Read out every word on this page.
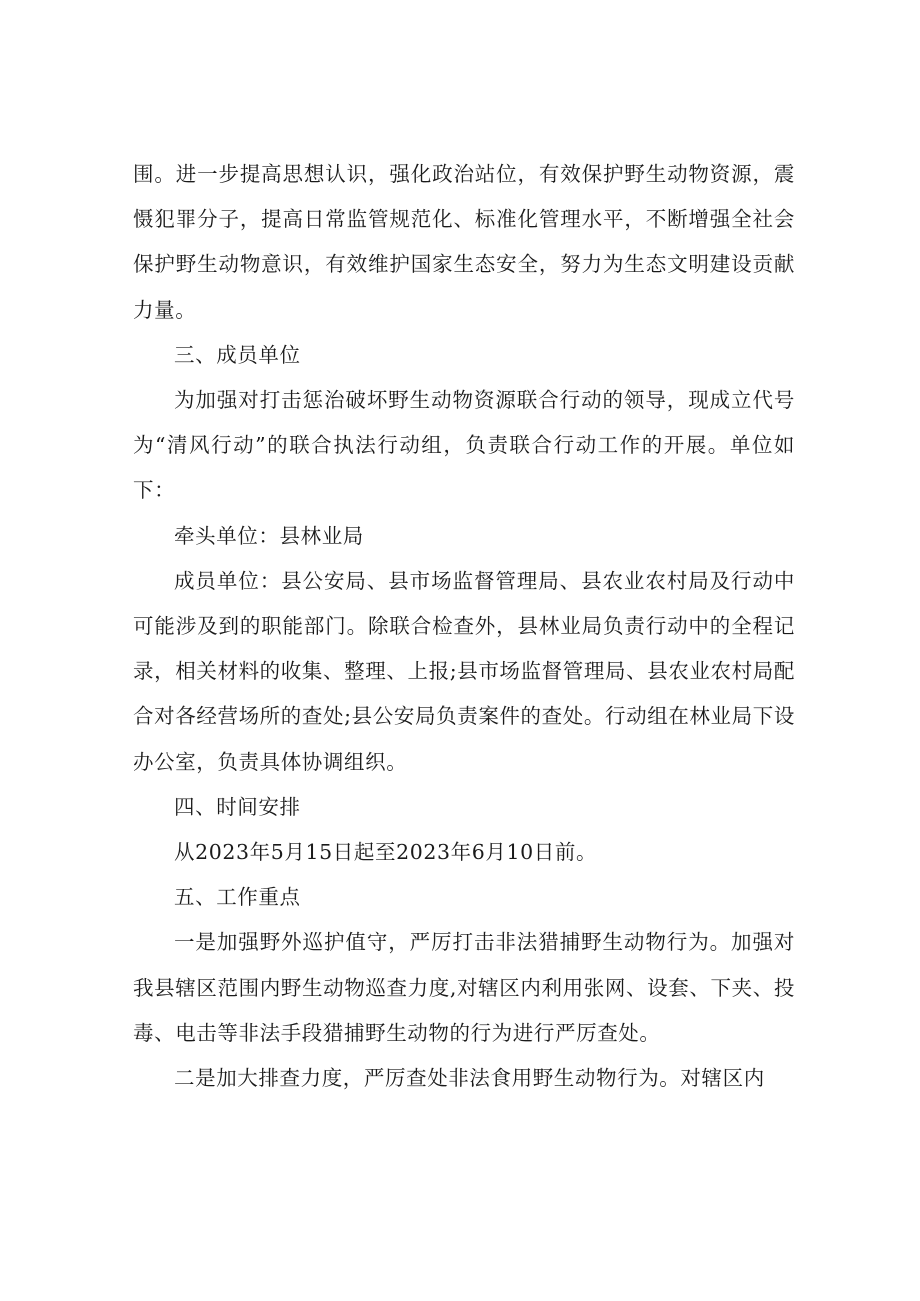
围。进一步提高思想认识，强化政治站位，有效保护野生动物资源，震慑犯罪分子，提高日常监管规范化、标准化管理水平，不断增强全社会保护野生动物意识，有效维护国家生态安全，努力为生态文明建设贡献力量。

三、成员单位

为加强对打击惩治破坏野生动物资源联合行动的领导，现成立代号为“清风行动”的联合执法行动组，负责联合行动工作的开展。单位如下：

牵头单位：县林业局

成员单位：县公安局、县市场监督管理局、县农业农村局及行动中可能涉及到的职能部门。除联合检查外，县林业局负责行动中的全程记录，相关材料的收集、整理、上报;县市场监督管理局、县农业农村局配合对各经营场所的查处;县公安局负责案件的查处。行动组在林业局下设办公室，负责具体协调组织。

四、时间安排

从2023年5月15日起至2023年6月10日前。

五、工作重点

一是加强野外巡护值守，严厉打击非法猎捕野生动物行为。加强对我县辖区范围内野生动物巡查力度,对辖区内利用张网、设套、下夹、投毒、电击等非法手段猎捕野生动物的行为进行严厉查处。

二是加大排查力度，严厉查处非法食用野生动物行为。对辖区内
